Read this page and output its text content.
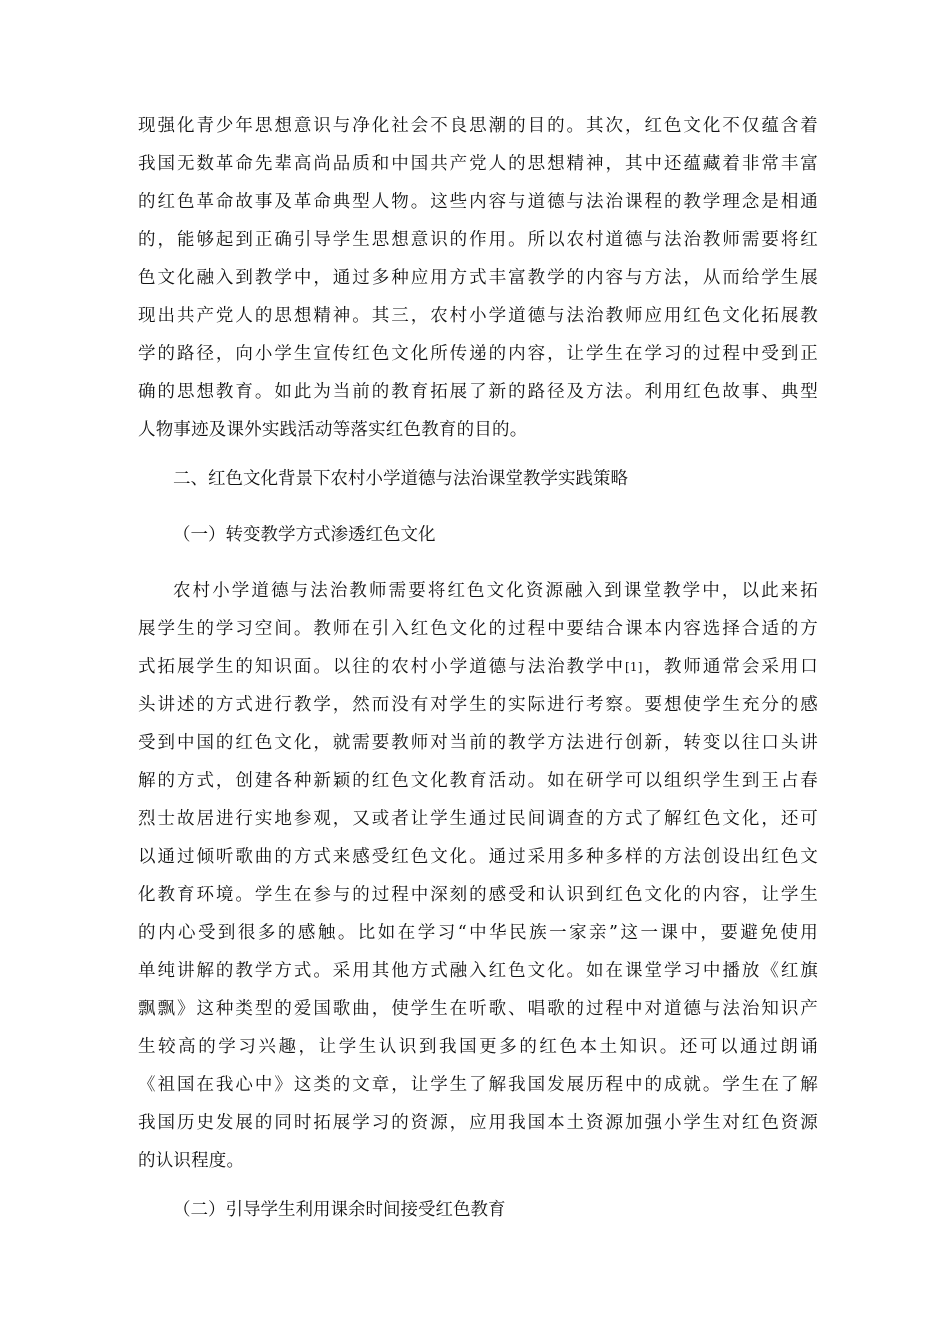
现强化青少年思想意识与净化社会不良思潮的目的。其次，红色文化不仅蕴含着
我国无数革命先辈高尚品质和中国共产党人的思想精神，其中还蕴藏着非常丰富
的红色革命故事及革命典型人物。这些内容与道德与法治课程的教学理念是相通
的，能够起到正确引导学生思想意识的作用。所以农村道德与法治教师需要将红
色文化融入到教学中，通过多种应用方式丰富教学的内容与方法，从而给学生展
现出共产党人的思想精神。其三，农村小学道德与法治教师应用红色文化拓展教
学的路径，向小学生宣传红色文化所传递的内容，让学生在学习的过程中受到正
确的思想教育。如此为当前的教育拓展了新的路径及方法。利用红色故事、典型
人物事迹及课外实践活动等落实红色教育的目的。
二、红色文化背景下农村小学道德与法治课堂教学实践策略
（一）转变教学方式渗透红色文化
农村小学道德与法治教师需要将红色文化资源融入到课堂教学中，以此来拓
展学生的学习空间。教师在引入红色文化的过程中要结合课本内容选择合适的方
式拓展学生的知识面。以往的农村小学道德与法治教学中[1]，教师通常会采用口
头讲述的方式进行教学，然而没有对学生的实际进行考察。要想使学生充分的感
受到中国的红色文化，就需要教师对当前的教学方法进行创新，转变以往口头讲
解的方式，创建各种新颖的红色文化教育活动。如在研学可以组织学生到王占春
烈士故居进行实地参观，又或者让学生通过民间调查的方式了解红色文化，还可
以通过倾听歌曲的方式来感受红色文化。通过采用多种多样的方法创设出红色文
化教育环境。学生在参与的过程中深刻的感受和认识到红色文化的内容，让学生
的内心受到很多的感触。比如在学习“中华民族一家亲”这一课中，要避免使用
单纯讲解的教学方式。采用其他方式融入红色文化。如在课堂学习中播放《红旗
飘飘》这种类型的爱国歌曲，使学生在听歌、唱歌的过程中对道德与法治知识产
生较高的学习兴趣，让学生认识到我国更多的红色本土知识。还可以通过朗诵
《祖国在我心中》这类的文章，让学生了解我国发展历程中的成就。学生在了解
我国历史发展的同时拓展学习的资源，应用我国本土资源加强小学生对红色资源
的认识程度。
（二）引导学生利用课余时间接受红色教育
